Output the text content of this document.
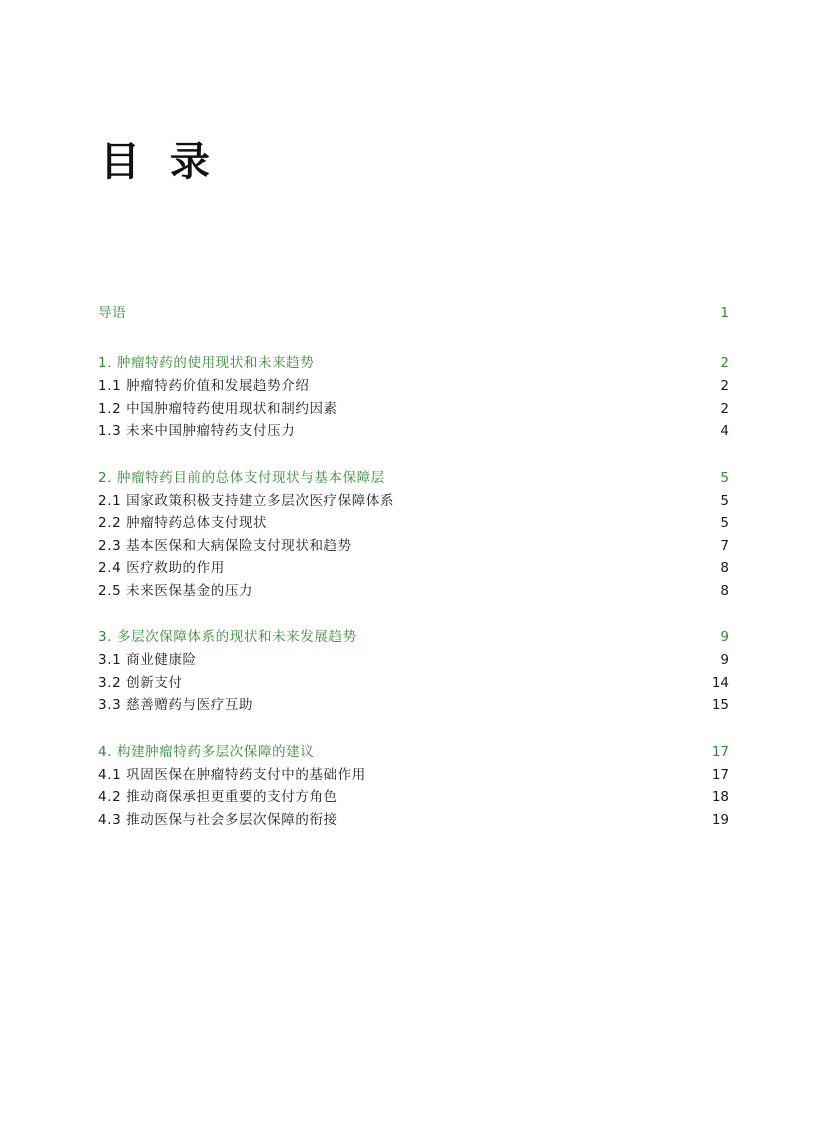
目 录
导语	1
1. 肿瘤特药的使用现状和未来趋势	2
1.1 肿瘤特药价值和发展趋势介绍	2
1.2 中国肿瘤特药使用现状和制约因素	2
1.3 未来中国肿瘤特药支付压力	4
2. 肿瘤特药目前的总体支付现状与基本保障层	5
2.1 国家政策积极支持建立多层次医疗保障体系	5
2.2 肿瘤特药总体支付现状	5
2.3 基本医保和大病保险支付现状和趋势	7
2.4 医疗救助的作用	8
2.5 未来医保基金的压力	8
3. 多层次保障体系的现状和未来发展趋势	9
3.1 商业健康险	9
3.2 创新支付	14
3.3 慈善赠药与医疗互助	15
4. 构建肿瘤特药多层次保障的建议	17
4.1 巩固医保在肿瘤特药支付中的基础作用	17
4.2 推动商保承担更重要的支付方角色	18
4.3 推动医保与社会多层次保障的衔接	19
